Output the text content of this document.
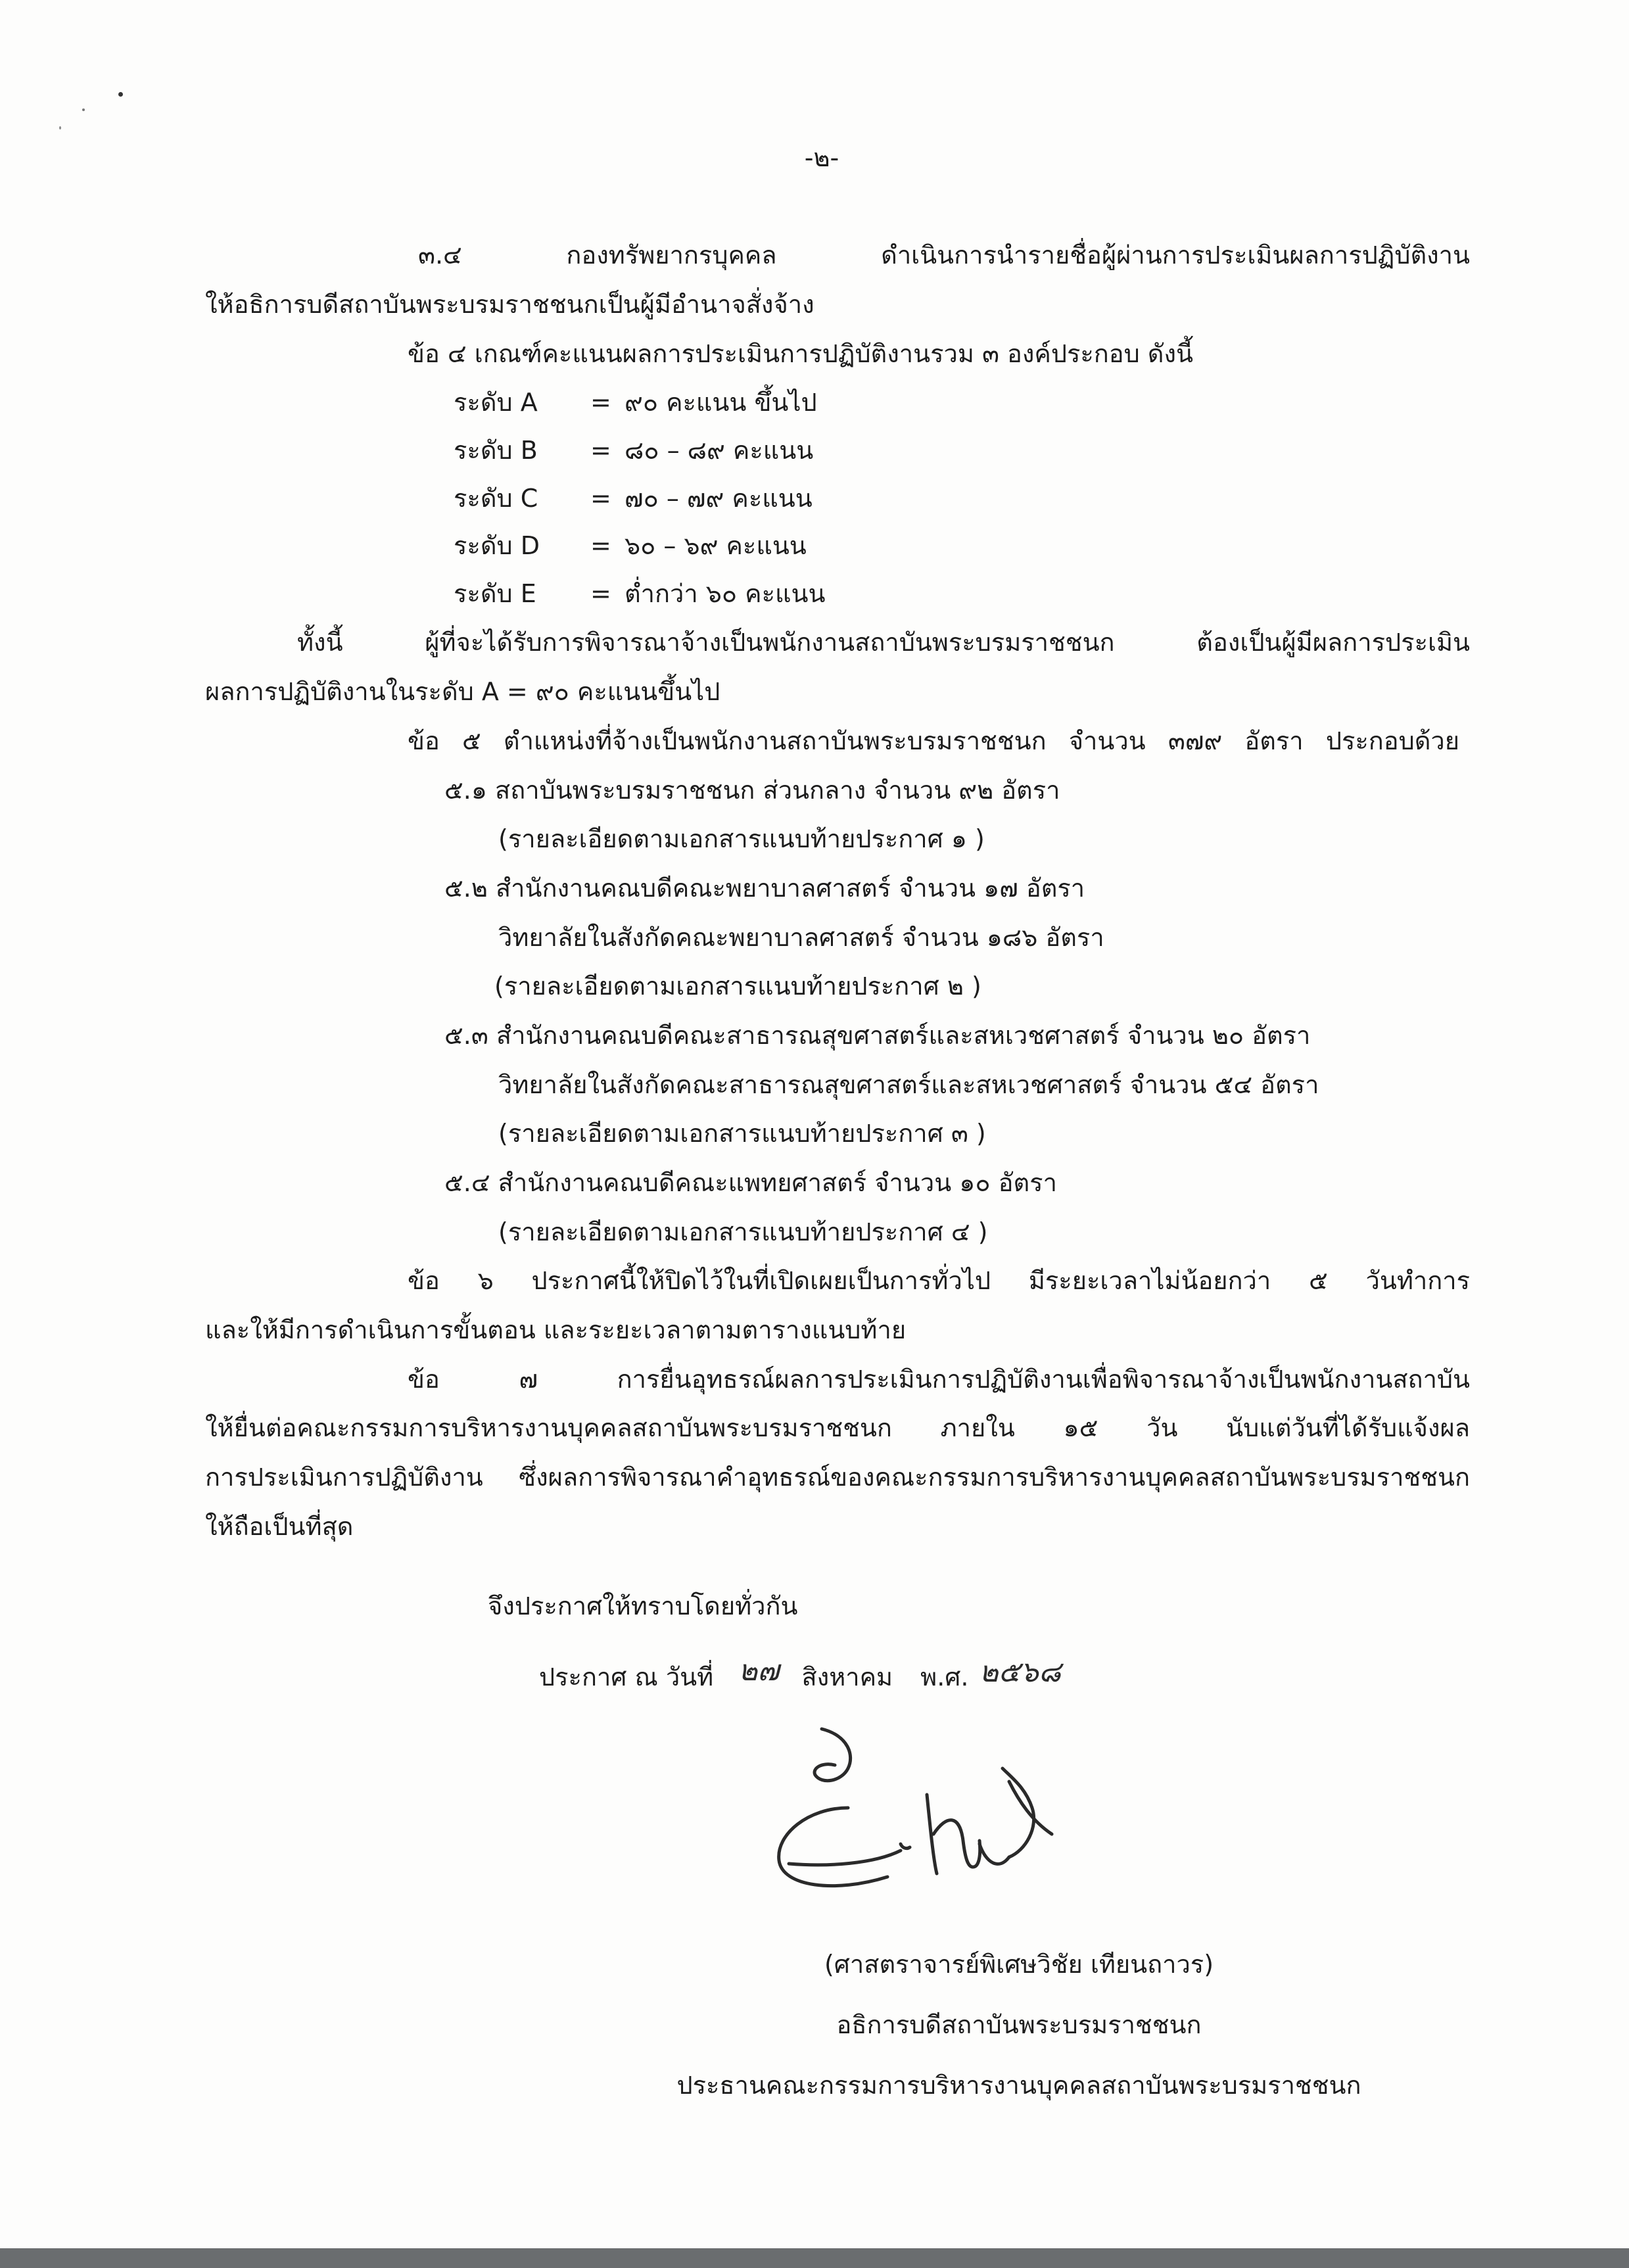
-๒-
๓.๔ กองทรัพยากรบุคคล ดำเนินการนำรายชื่อผู้ผ่านการประเมินผลการปฏิบัติงาน
ให้อธิการบดีสถาบันพระบรมราชชนกเป็นผู้มีอำนาจสั่งจ้าง
ข้อ ๔ เกณฑ์คะแนนผลการประเมินการปฏิบัติงานรวม ๓ องค์ประกอบ ดังนี้
ระดับ A	= ๙๐ คะแนน ขึ้นไป
ระดับ B	= ๘๐ – ๘๙ คะแนน
ระดับ C	= ๗๐ – ๗๙ คะแนน
ระดับ D	= ๖๐ – ๖๙ คะแนน
ระดับ E	= ต่ำกว่า ๖๐ คะแนน
ทั้งนี้ ผู้ที่จะได้รับการพิจารณาจ้างเป็นพนักงานสถาบันพระบรมราชชนก ต้องเป็นผู้มีผลการประเมิน
ผลการปฏิบัติงานในระดับ A = ๙๐ คะแนนขึ้นไป
ข้อ ๕ ตำแหน่งที่จ้างเป็นพนักงานสถาบันพระบรมราชชนก จำนวน ๓๗๙ อัตรา ประกอบด้วย
๕.๑ สถาบันพระบรมราชชนก ส่วนกลาง จำนวน ๙๒ อัตรา
(รายละเอียดตามเอกสารแนบท้ายประกาศ ๑ )
๕.๒ สำนักงานคณบดีคณะพยาบาลศาสตร์ จำนวน ๑๗ อัตรา
วิทยาลัยในสังกัดคณะพยาบาลศาสตร์ จำนวน ๑๘๖ อัตรา
(รายละเอียดตามเอกสารแนบท้ายประกาศ ๒ )
๕.๓ สำนักงานคณบดีคณะสาธารณสุขศาสตร์และสหเวชศาสตร์ จำนวน ๒๐ อัตรา
วิทยาลัยในสังกัดคณะสาธารณสุขศาสตร์และสหเวชศาสตร์ จำนวน ๕๔ อัตรา
(รายละเอียดตามเอกสารแนบท้ายประกาศ ๓ )
๕.๔ สำนักงานคณบดีคณะแพทยศาสตร์ จำนวน ๑๐ อัตรา
(รายละเอียดตามเอกสารแนบท้ายประกาศ ๔ )
ข้อ ๖ ประกาศนี้ให้ปิดไว้ในที่เปิดเผยเป็นการทั่วไป มีระยะเวลาไม่น้อยกว่า ๕ วันทำการ
และให้มีการดำเนินการขั้นตอน และระยะเวลาตามตารางแนบท้าย
ข้อ ๗ การยื่นอุทธรณ์ผลการประเมินการปฏิบัติงานเพื่อพิจารณาจ้างเป็นพนักงานสถาบัน
ให้ยื่นต่อคณะกรรมการบริหารงานบุคคลสถาบันพระบรมราชชนก ภายใน ๑๕ วัน นับแต่วันที่ได้รับแจ้งผล
การประเมินการปฏิบัติงาน ซึ่งผลการพิจารณาคำอุทธรณ์ของคณะกรรมการบริหารงานบุคคลสถาบันพระบรมราชชนก
ให้ถือเป็นที่สุด
จึงประกาศให้ทราบโดยทั่วกัน
ประกาศ ณ วันที่ ๒๗ สิงหาคม พ.ศ. ๒๕๖๘
(ศาสตราจารย์พิเศษวิชัย เทียนถาวร)
อธิการบดีสถาบันพระบรมราชชนก
ประธานคณะกรรมการบริหารงานบุคคลสถาบันพระบรมราชชนก
